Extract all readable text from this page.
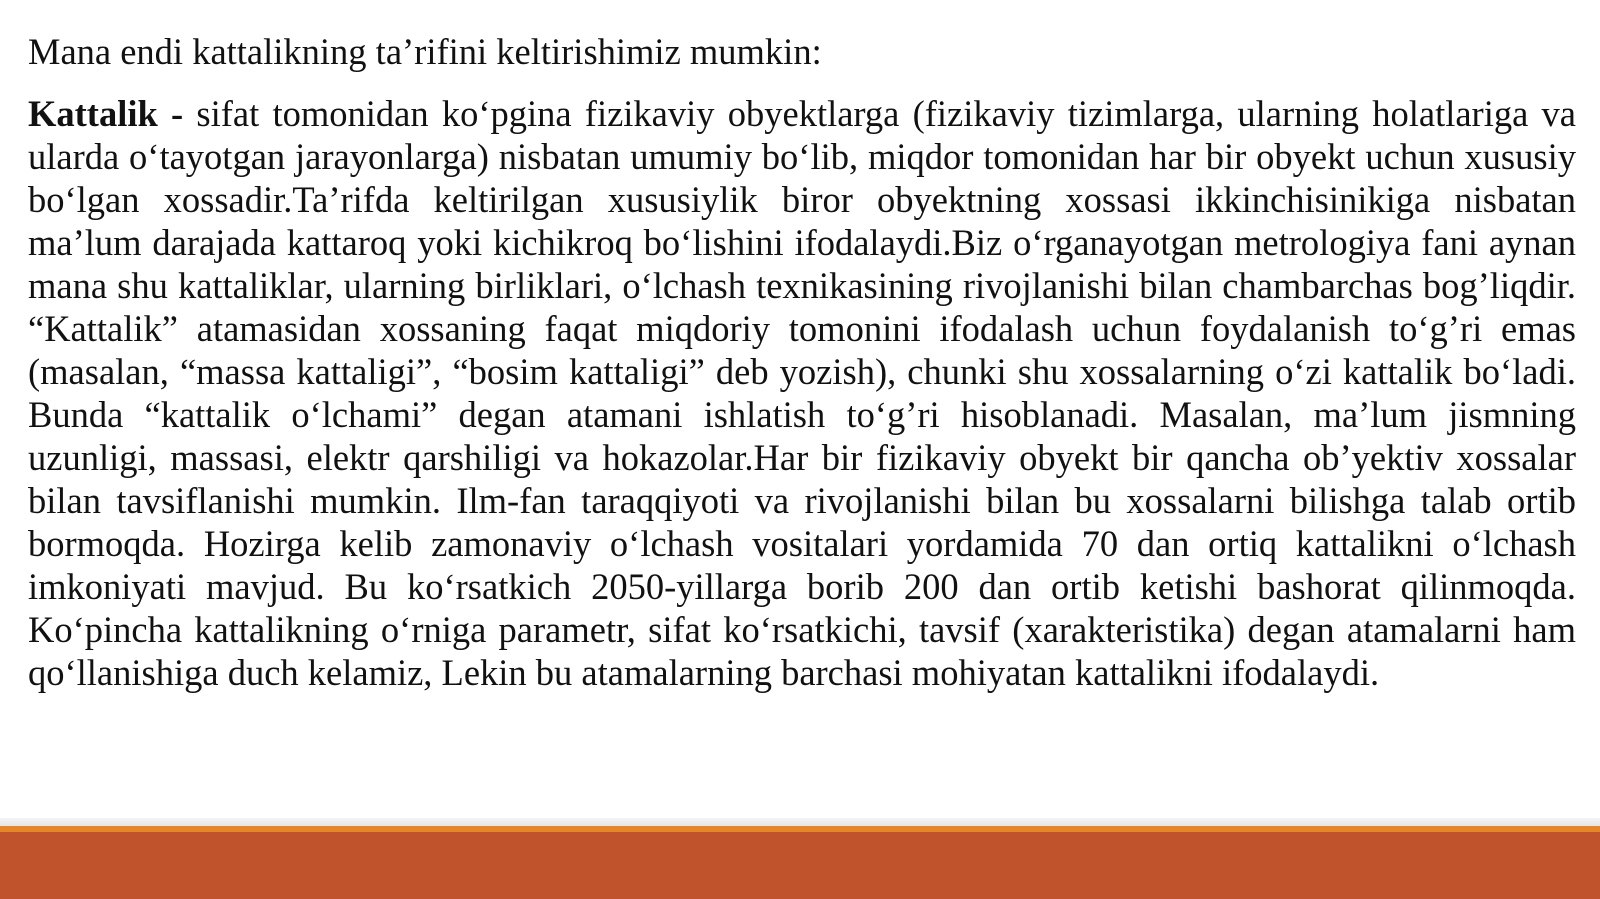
Mana endi kattalikning ta’rifini keltirishimiz mumkin:

Kattalik - sifat tomonidan ko‘pgina fizikaviy obyektlarga (fizikaviy tizimlarga, ularning holatlariga va ularda o‘tayotgan jarayonlarga) nisbatan umumiy bo‘lib, miqdor tomonidan har bir obyekt uchun xususiy bo‘lgan xossadir.Ta’rifda keltirilgan xususiylik biror obyektning xossasi ikkinchisinikiga nisbatan ma’lum darajada kattaroq yoki kichikroq bo‘lishini ifodalaydi.Biz o‘rganayotgan metrologiya fani aynan mana shu kattaliklar, ularning birliklari, o‘lchash texnikasining rivojlanishi bilan chambarchas bog’liqdir. “Kattalik” atamasidan xossaning faqat miqdoriy tomonini ifodalash uchun foydalanish to‘g’ri emas (masalan, “massa kattaligi”, “bosim kattaligi” deb yozish), chunki shu xossalarning o‘zi kattalik bo‘ladi. Bunda “kattalik o‘lchami” degan atamani ishlatish to‘g’ri hisoblanadi. Masalan, ma’lum jismning uzunligi, massasi, elektr qarshiligi va hokazolar.Har bir fizikaviy obyekt bir qancha ob’yektiv xossalar bilan tavsiflanishi mumkin. Ilm-fan taraqqiyoti va rivojlanishi bilan bu xossalarni bilishga talab ortib bormoqda. Hozirga kelib zamonaviy o‘lchash vositalari yordamida 70 dan ortiq kattalikni o‘lchash imkoniyati mavjud. Bu ko‘rsatkich 2050-yillarga borib 200 dan ortib ketishi bashorat qilinmoqda. Ko‘pincha kattalikning o‘rniga parametr, sifat ko‘rsatkichi, tavsif (xarakteristika) degan atamalarni ham qo‘llanishiga duch kelamiz, Lekin bu atamalarning barchasi mohiyatan kattalikni ifodalaydi.
